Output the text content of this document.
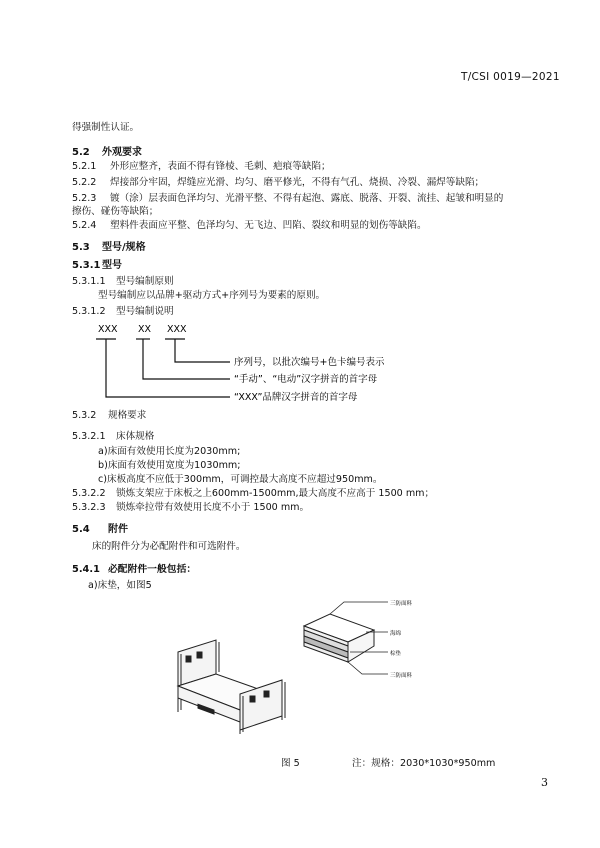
T/CSI 0019—2021
得强制性认证。
5.2 外观要求
5.2.1 外形应整齐，表面不得有锋棱、毛刺、疤痕等缺陷；
5.2.2 焊接部分牢固，焊缝应光滑、均匀、磨平修光，不得有气孔、烧损、冷裂、漏焊等缺陷；
5.2.3 镀（涂）层表面色泽均匀、光滑平整、不得有起泡、露底、脱落、开裂、流挂、起皱和明显的
擦伤、碰伤等缺陷；
5.2.4 塑料件表面应平整、色泽均匀、无飞边、凹陷、裂纹和明显的划伤等缺陷。
5.3 型号/规格
5.3.1 型号
5.3.1.1 型号编制原则
型号编制应以品牌+驱动方式+序列号为要素的原则。
5.3.1.2 型号编制说明
XXX XX XXX
序列号，以批次编号+色卡编号表示
“手动”、“电动”汉字拼音的首字母
“XXX”品牌汉字拼音的首字母
5.3.2 规格要求
5.3.2.1 床体规格
a)床面有效使用长度为2030mm;
b)床面有效使用宽度为1030mm;
c)床板高度不应低于300mm，可调控最大高度不应超过950mm。
5.3.2.2 锁炼支架应于床板之上600mm-1500mm,最大高度不应高于 1500 mm；
5.3.2.3 锁炼牵拉带有效使用长度不小于 1500 mm。
5.4 附件
床的附件分为必配附件和可选附件。
5.4.1 必配附件一般包括：
a)床垫，如图5
三防面料
海绵
棕垫
三防面料
图 5	注：规格：2030*1030*950mm
3
